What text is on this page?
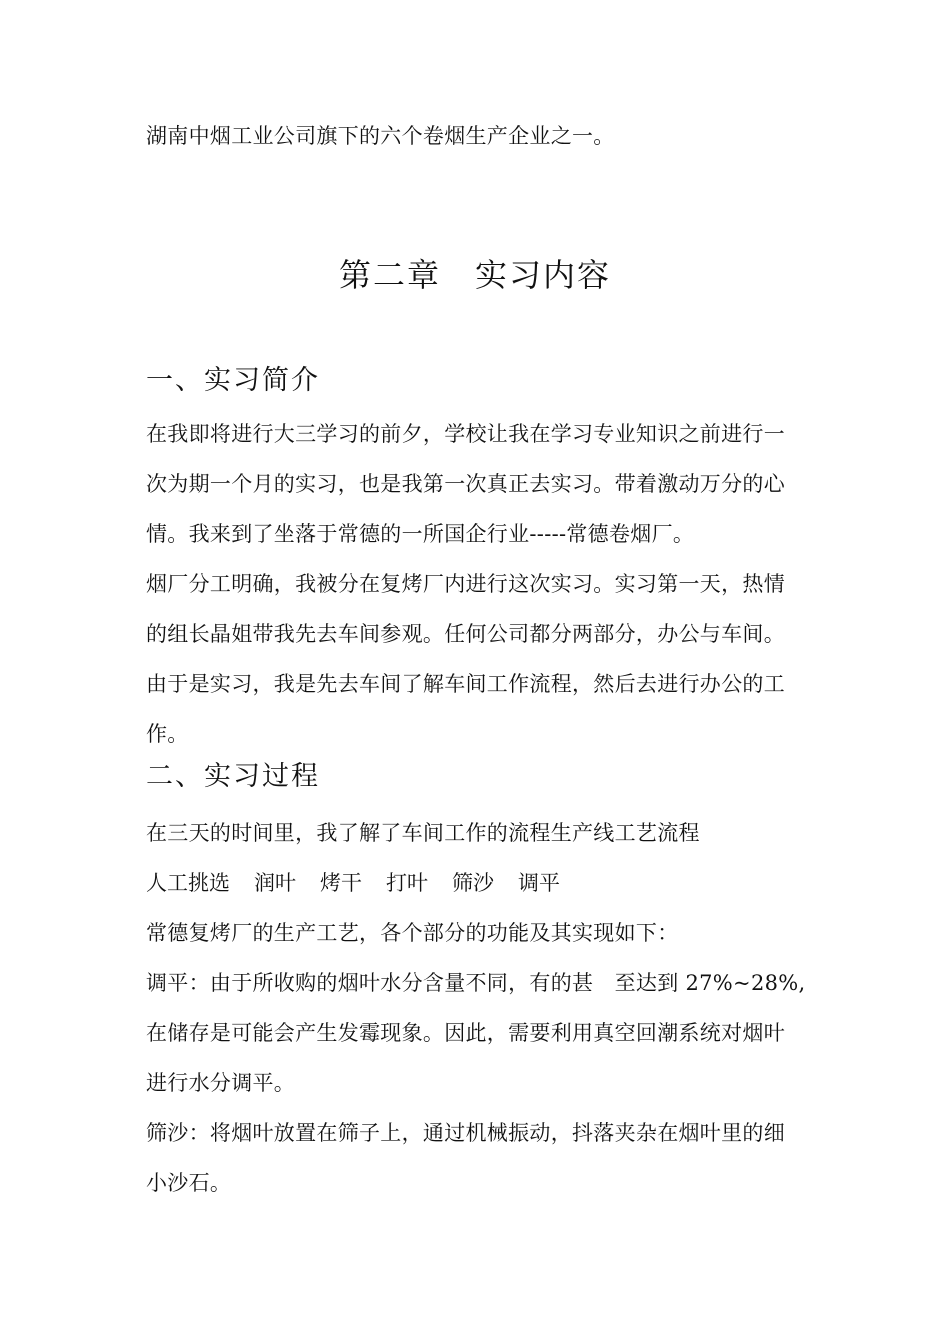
湖南中烟工业公司旗下的六个卷烟生产企业之一。
第二章　 实习内容
一、实习简介
在我即将进行大三学习的前夕，学校让我在学习专业知识之前进行一
次为期一个月的实习，也是我第一次真正去实习。带着激动万分的心
情。我来到了坐落于常德的一所国企行业-----常德卷烟厂。
烟厂分工明确，我被分在复烤厂内进行这次实习。实习第一天，热情
的组长晶姐带我先去车间参观。任何公司都分两部分，办公与车间。
由于是实习，我是先去车间了解车间工作流程，然后去进行办公的工
作。
二、实习过程
在三天的时间里，我了解了车间工作的流程生产线工艺流程
人工挑选 润叶 烤干 打叶 筛沙 调平
常德复烤厂的生产工艺，各个部分的功能及其实现如下：
调平：由于所收购的烟叶水分含量不同，有的甚　至达到 27%~28%,
在储存是可能会产生发霉现象。因此，需要利用真空回潮系统对烟叶
进行水分调平。
筛沙：将烟叶放置在筛子上，通过机械振动，抖落夹杂在烟叶里的细
小沙石。
